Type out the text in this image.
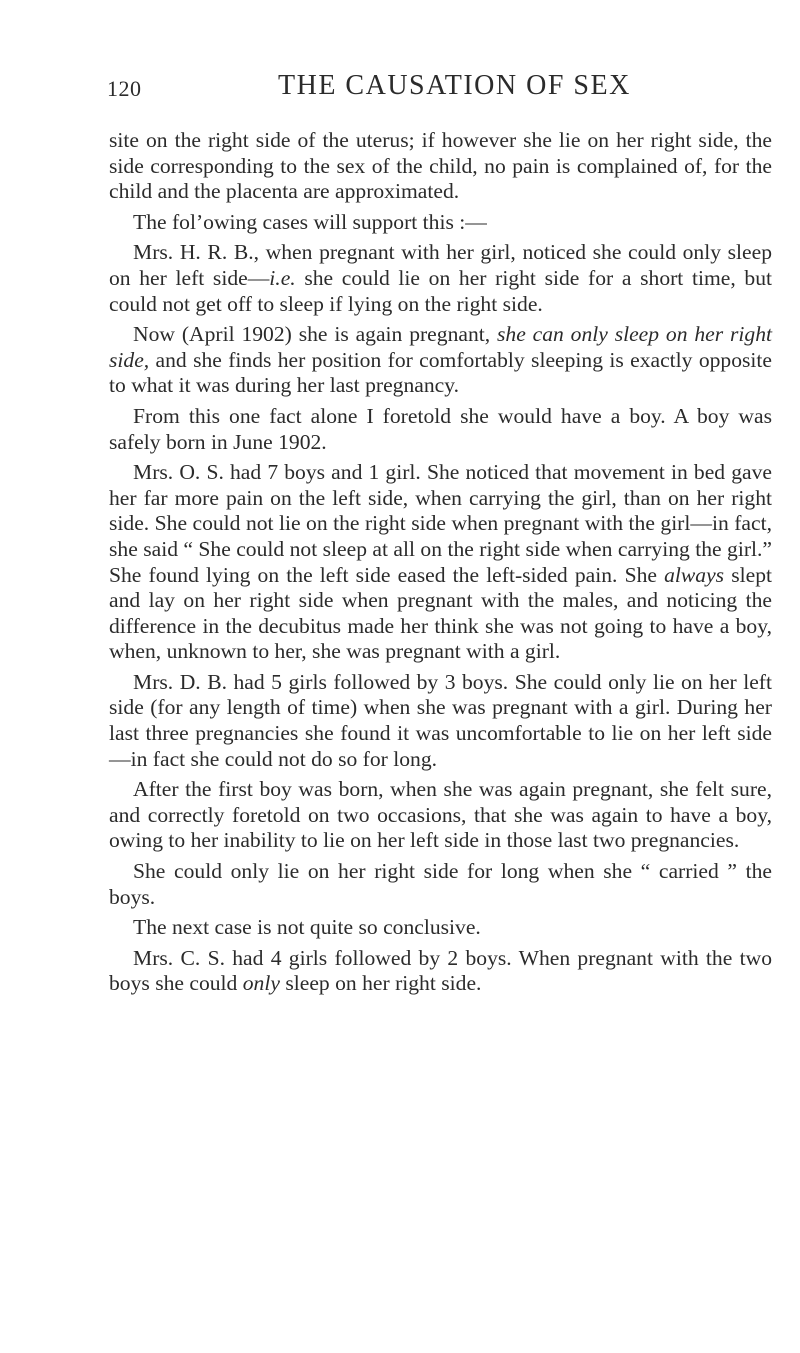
120	THE CAUSATION OF SEX

site on the right side of the uterus; if however she lie on her right side, the side corresponding to the sex of the child, no pain is complained of, for the child and the placenta are approximated.

The fol’owing cases will support this :—

Mrs. H. R. B., when pregnant with her girl, noticed she could only sleep on her left side—i.e. she could lie on her right side for a short time, but could not get off to sleep if lying on the right side.

Now (April 1902) she is again pregnant, she can only sleep on her right side, and she finds her position for comfortably sleeping is exactly opposite to what it was during her last pregnancy.

From this one fact alone I foretold she would have a boy. A boy was safely born in June 1902.

Mrs. O. S. had 7 boys and 1 girl. She noticed that movement in bed gave her far more pain on the left side, when carrying the girl, than on her right side. She could not lie on the right side when pregnant with the girl—in fact, she said “ She could not sleep at all on the right side when carrying the girl.” She found lying on the left side eased the left-sided pain. She always slept and lay on her right side when pregnant with the males, and noticing the difference in the decubitus made her think she was not going to have a boy, when, unknown to her, she was pregnant with a girl.

Mrs. D. B. had 5 girls followed by 3 boys. She could only lie on her left side (for any length of time) when she was pregnant with a girl. During her last three pregnancies she found it was uncomfortable to lie on her left side—in fact she could not do so for long.

After the first boy was born, when she was again pregnant, she felt sure, and correctly foretold on two occasions, that she was again to have a boy, owing to her inability to lie on her left side in those last two pregnancies.

She could only lie on her right side for long when she “ carried ” the boys.

The next case is not quite so conclusive.

Mrs. C. S. had 4 girls followed by 2 boys. When pregnant with the two boys she could only sleep on her right side.
